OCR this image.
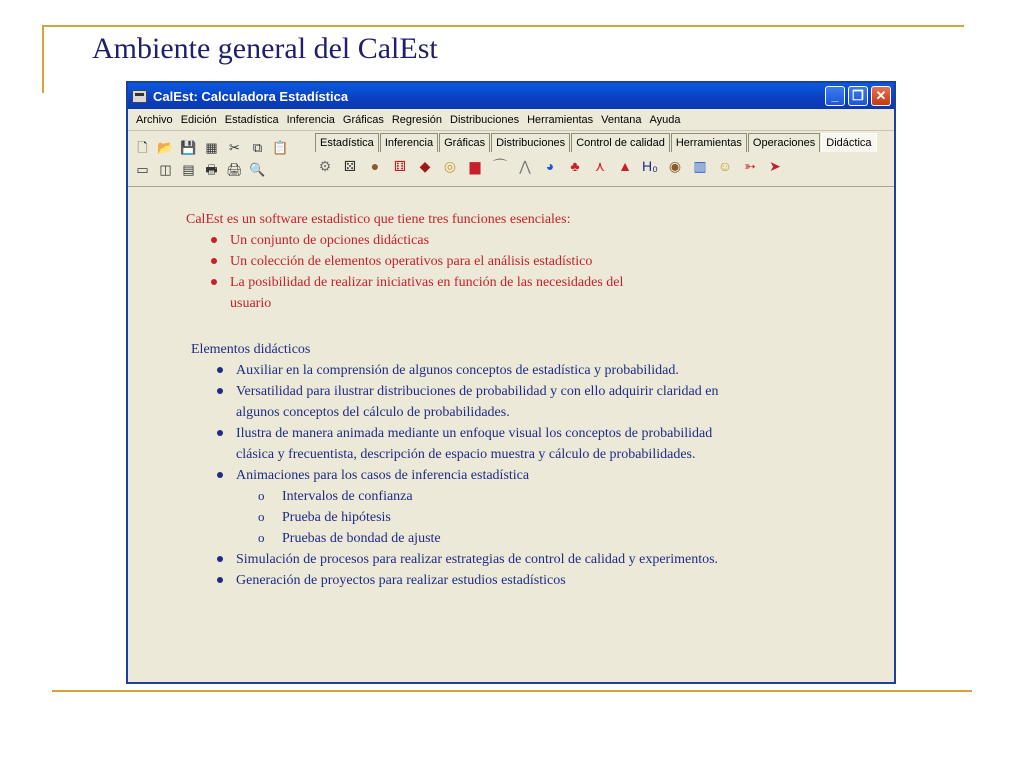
Ambiente general del CalEst
CalEst: Calculadora Estadística	_	❐ ✕
Archivo Edición Estadística Inferencia Gráficas Regresión Distribuciones Herramientas Ventana Ayuda
🗋 📂 💾 ▦ ✂ ⧉ 📋
▭ ◫ ▤ 🖶 🖨 🔍
Estadística	Inferencia	Gráficas	Distribuciones	Control de calidad	Herramientas	Operaciones	Didáctica
⚙ ⚄	●	⚅ ◆ ◎ ▆ ⌒ ⋀	◕	♣	⋏ ▲ H₀ ◉ ▥ ☺ ➳ ➤
CalEst es un software estadistico que tiene tres funciones esenciales:
Un conjunto de opciones didácticas
Un colección de elementos operativos para el análisis estadístico
La posibilidad de realizar iniciativas en función de las necesidades del usuario
Elementos didácticos
Auxiliar en la comprensión de algunos conceptos de estadística y probabilidad.
Versatilidad para ilustrar distribuciones de probabilidad y con ello adquirir claridad en algunos conceptos del cálculo de probabilidades.
Ilustra de manera animada mediante un enfoque visual los conceptos de probabilidad clásica y frecuentista, descripción de espacio muestra y cálculo de probabilidades.
Animaciones para los casos de inferencia estadística
o Intervalos de confianza
o Prueba de hipótesis
o Pruebas de bondad de ajuste
Simulación de procesos para realizar estrategias de control de calidad y experimentos.
Generación de proyectos para realizar estudios estadísticos
